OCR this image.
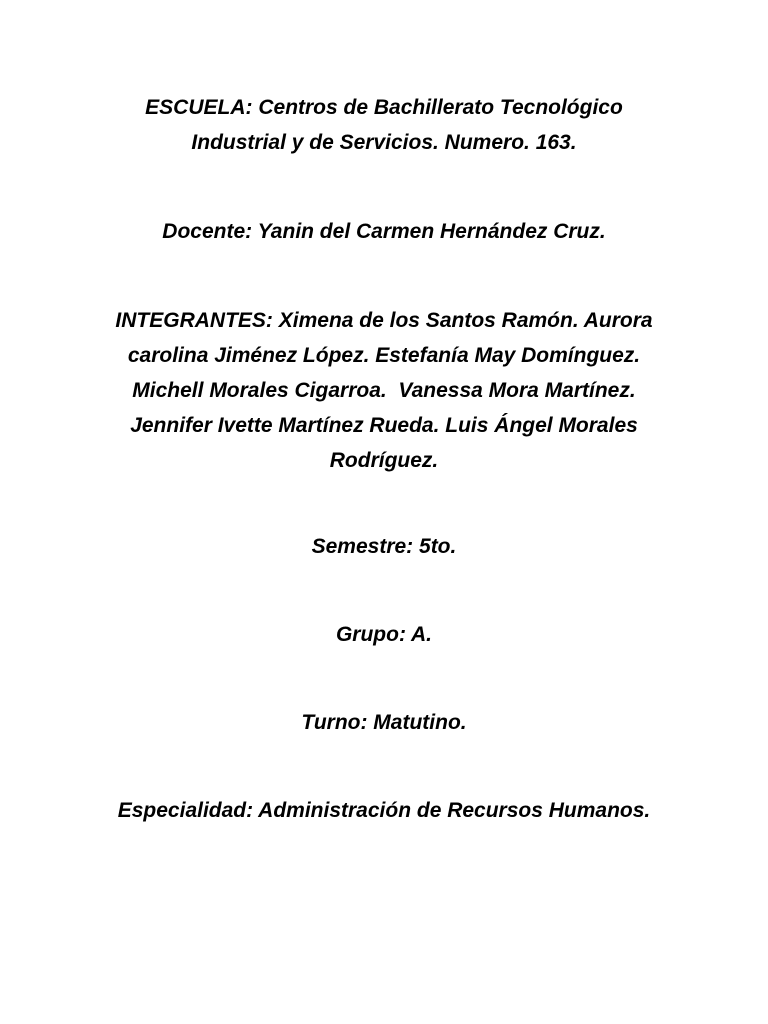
ESCUELA: Centros de Bachillerato Tecnológico
Industrial y de Servicios. Numero. 163.

Docente: Yanin del Carmen Hernández Cruz.

INTEGRANTES: Ximena de los Santos Ramón. Aurora
carolina Jiménez López. Estefanía May Domínguez.
Michell Morales Cigarroa.  Vanessa Mora Martínez.
Jennifer Ivette Martínez Rueda. Luis Ángel Morales
Rodríguez.

Semestre: 5to.

Grupo: A.

Turno: Matutino.

Especialidad: Administración de Recursos Humanos.
